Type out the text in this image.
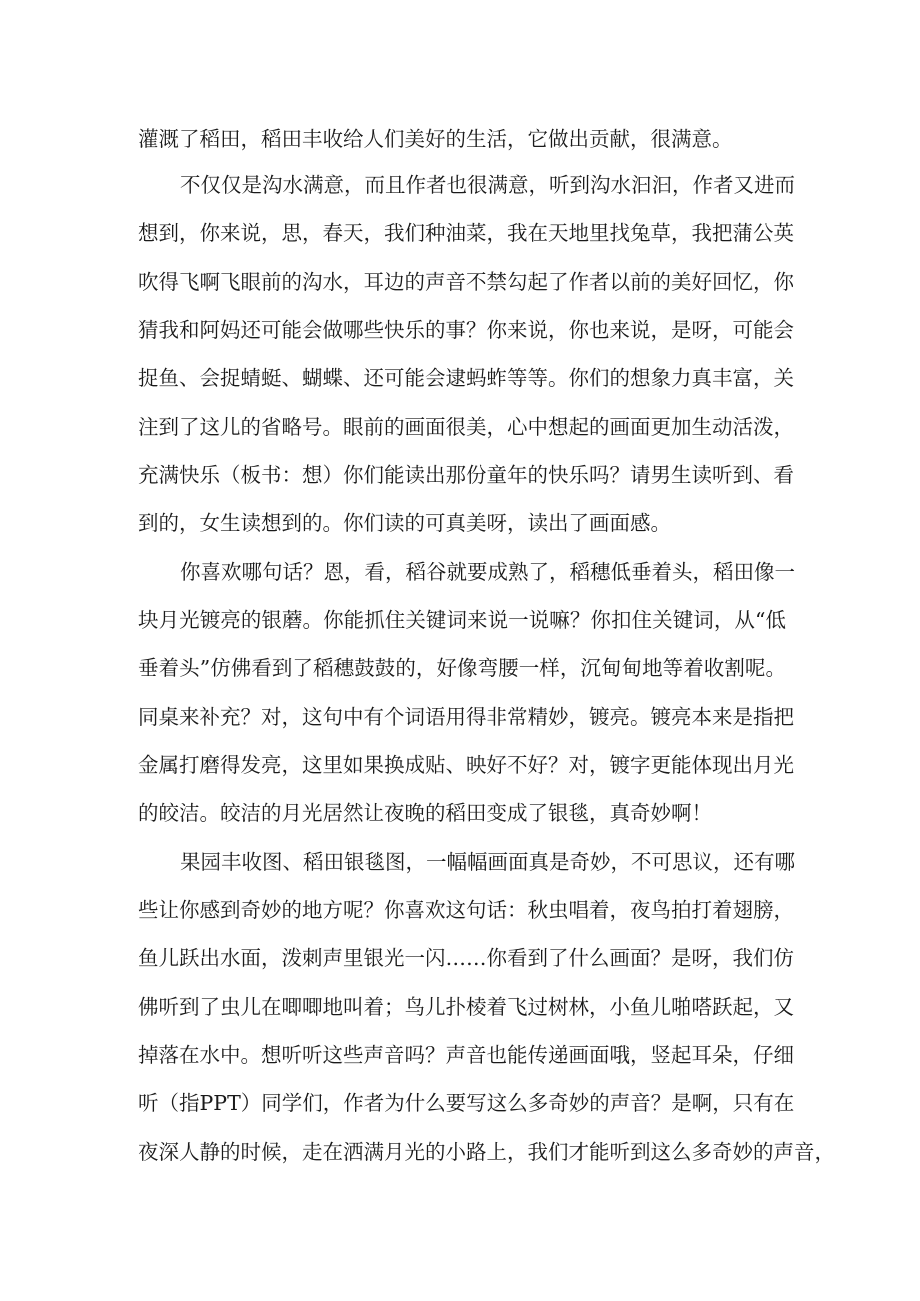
灌溉了稻田，稻田丰收给人们美好的生活，它做出贡献，很满意。
不仅仅是沟水满意，而且作者也很满意，听到沟水汩汩，作者又进而
想到，你来说，思，春天，我们种油菜，我在天地里找兔草，我把蒲公英
吹得飞啊飞眼前的沟水，耳边的声音不禁勾起了作者以前的美好回忆，你
猜我和阿妈还可能会做哪些快乐的事？你来说，你也来说，是呀，可能会
捉鱼、会捉蜻蜓、蝴蝶、还可能会逮蚂蚱等等。你们的想象力真丰富，关
注到了这儿的省略号。眼前的画面很美，心中想起的画面更加生动活泼，
充满快乐（板书：想）你们能读出那份童年的快乐吗？请男生读听到、看
到的，女生读想到的。你们读的可真美呀，读出了画面感。
你喜欢哪句话？恩，看，稻谷就要成熟了，稻穗低垂着头，稻田像一
块月光镀亮的银蘑。你能抓住关键词来说一说嘛？你扣住关键词，从“低
垂着头”仿佛看到了稻穗鼓鼓的，好像弯腰一样，沉甸甸地等着收割呢。
同桌来补充？对，这句中有个词语用得非常精妙，镀亮。镀亮本来是指把
金属打磨得发亮，这里如果换成贴、映好不好？对，镀字更能体现出月光
的皎洁。皎洁的月光居然让夜晚的稻田变成了银毯，真奇妙啊！
果园丰收图、稻田银毯图，一幅幅画面真是奇妙，不可思议，还有哪
些让你感到奇妙的地方呢？你喜欢这句话：秋虫唱着，夜鸟拍打着翅膀，
鱼儿跃出水面，泼刺声里银光一闪……你看到了什么画面？是呀，我们仿
佛听到了虫儿在唧唧地叫着；鸟儿扑棱着飞过树林，小鱼儿啪嗒跃起，又
掉落在水中。想听听这些声音吗？声音也能传递画面哦，竖起耳朵，仔细
听（指PPT）同学们，作者为什么要写这么多奇妙的声音？是啊，只有在
夜深人静的时候，走在洒满月光的小路上，我们才能听到这么多奇妙的声音，
